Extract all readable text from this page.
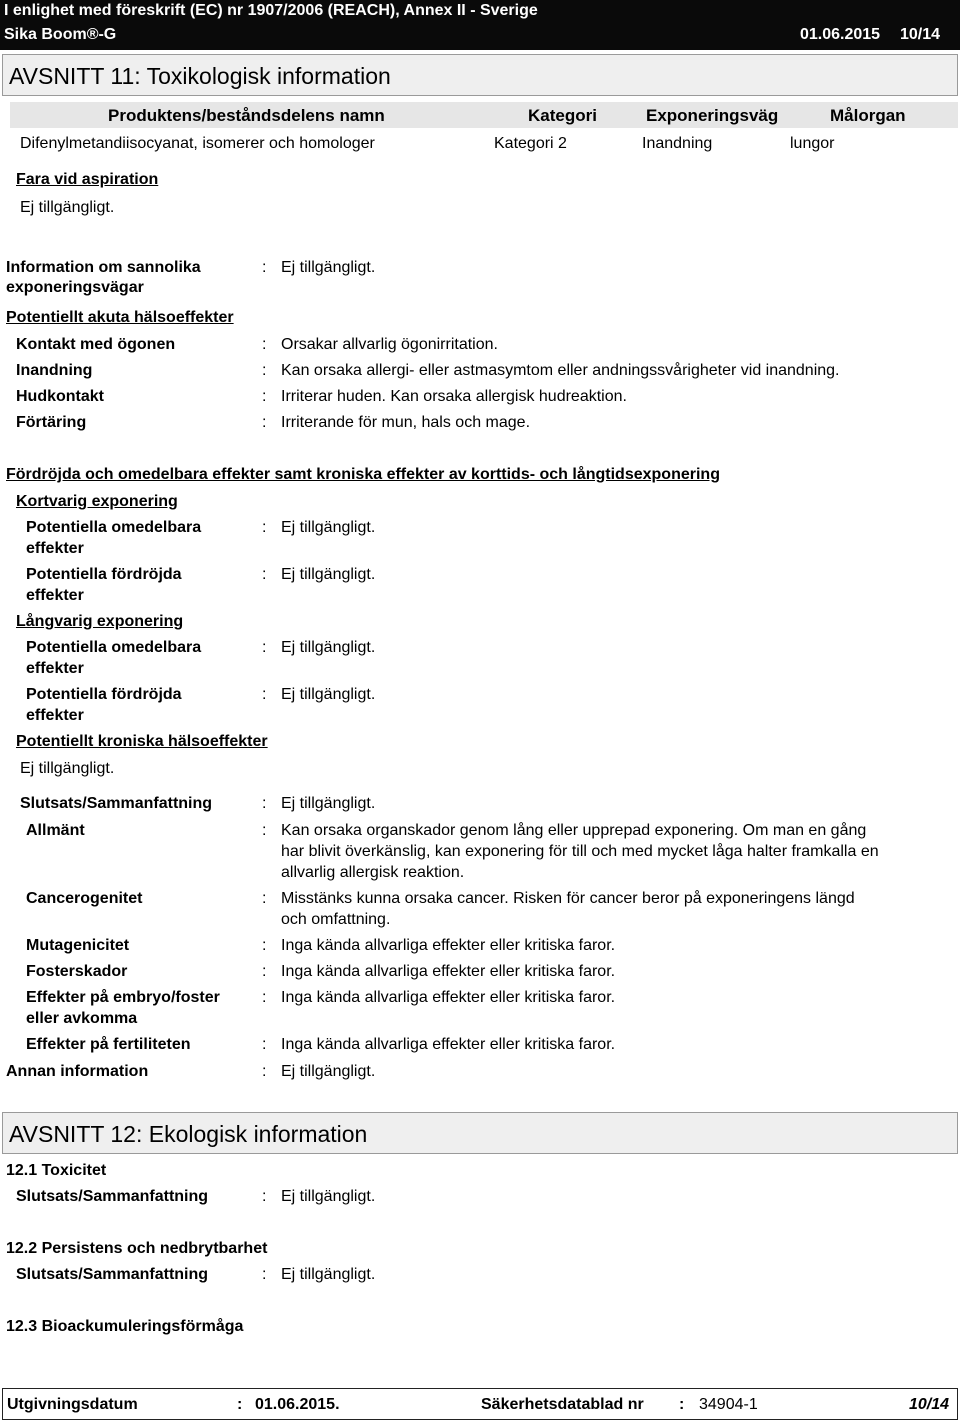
I enlighet med föreskrift (EC) nr 1907/2006 (REACH), Annex II - Sverige
Sika Boom®-G	01.06.2015 10/14
AVSNITT 11: Toxikologisk information
Produktens/beståndsdelens namn	Kategori	Exponeringsväg	Målorgan
Difenylmetandiisocyanat, isomerer och homologer	Kategori 2	Inandning	lungor
Fara vid aspiration
Ej tillgängligt.
Information om sannolika
exponeringsvägar
: Ej tillgängligt.
Potentiellt akuta hälsoeffekter
Kontakt med ögonen	: Orsakar allvarlig ögonirritation.
Inandning	: Kan orsaka allergi- eller astmasymtom eller andningssvårigheter vid inandning.
Hudkontakt	: Irriterar huden. Kan orsaka allergisk hudreaktion.
Förtäring	: Irriterande för mun, hals och mage.
Fördröjda och omedelbara effekter samt kroniska effekter av korttids- och långtidsexponering
Kortvarig exponering
Potentiella omedelbara
effekter
: Ej tillgängligt.
Potentiella fördröjda
effekter
: Ej tillgängligt.
Långvarig exponering
Potentiella omedelbara
effekter
: Ej tillgängligt.
Potentiella fördröjda
effekter
: Ej tillgängligt.
Potentiellt kroniska hälsoeffekter
Ej tillgängligt.
Slutsats/Sammanfattning	: Ej tillgängligt.
Allmänt	: Kan orsaka organskador genom lång eller upprepad exponering. Om man en gång
har blivit överkänslig, kan exponering för till och med mycket låga halter framkalla en
allvarlig allergisk reaktion.
Cancerogenitet	: Misstänks kunna orsaka cancer. Risken för cancer beror på exponeringens längd
och omfattning.
Mutagenicitet	: Inga kända allvarliga effekter eller kritiska faror.
Fosterskador	: Inga kända allvarliga effekter eller kritiska faror.
Effekter på embryo/foster
eller avkomma
: Inga kända allvarliga effekter eller kritiska faror.
Effekter på fertiliteten	: Inga kända allvarliga effekter eller kritiska faror.
Annan information	: Ej tillgängligt.
AVSNITT 12: Ekologisk information
12.1 Toxicitet
Slutsats/Sammanfattning	: Ej tillgängligt.
12.2 Persistens och nedbrytbarhet
Slutsats/Sammanfattning	: Ej tillgängligt.
12.3 Bioackumuleringsförmåga
Utgivningsdatum	: 01.06.2015.	Säkerhetsdatablad nr : 34904-1	10/14
